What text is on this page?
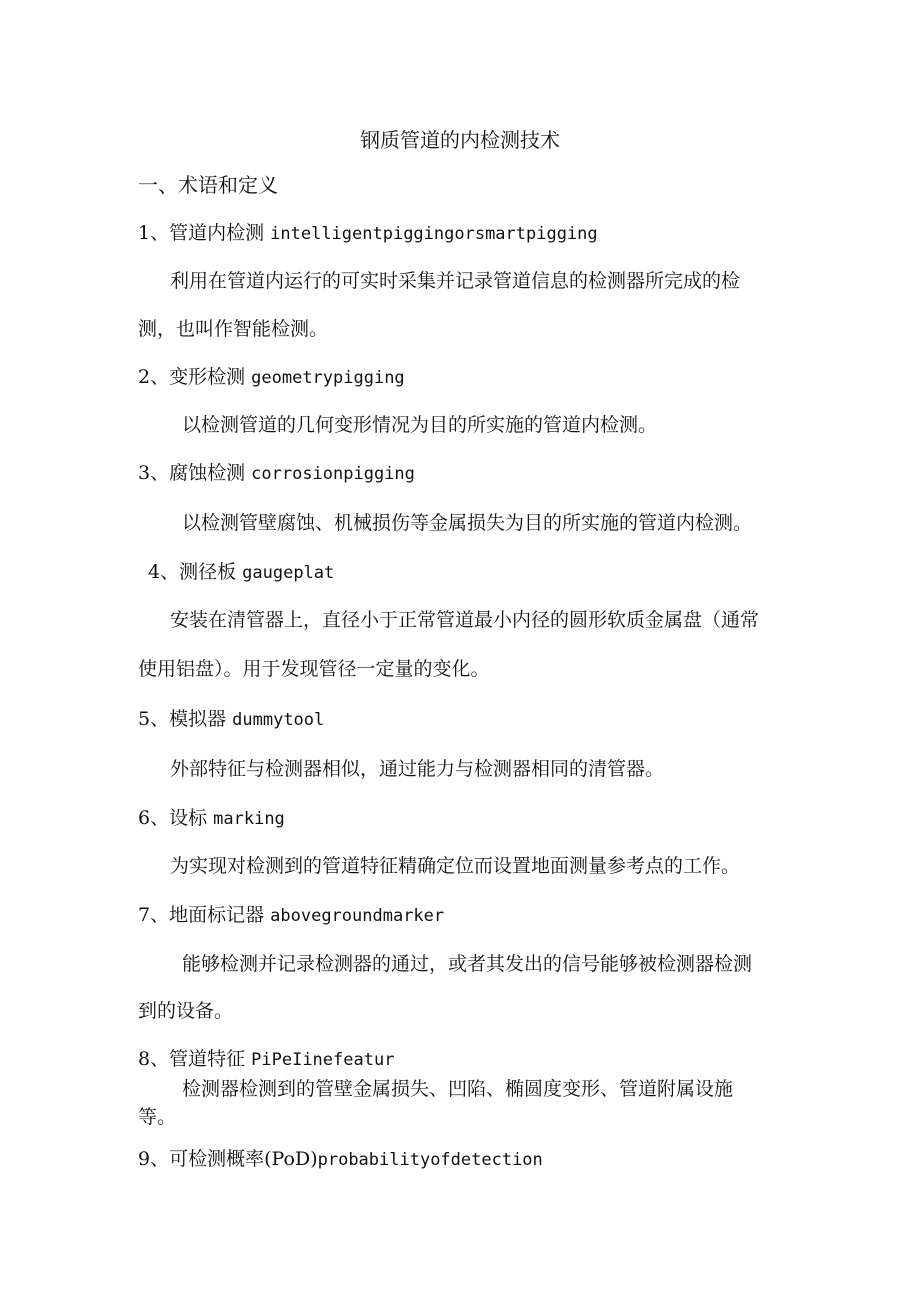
钢质管道的内检测技术
一、术语和定义
1、管道内检测 intelligentpiggingorsmartpigging
利用在管道内运行的可实时采集并记录管道信息的检测器所完成的检
测，也叫作智能检测。
2、变形检测 geometrypigging
以检测管道的几何变形情况为目的所实施的管道内检测。
3、腐蚀检测 corrosionpigging
以检测管壁腐蚀、机械损伤等金属损失为目的所实施的管道内检测。
4、测径板 gaugeplat
安装在清管器上，直径小于正常管道最小内径的圆形软质金属盘（通常
使用铝盘）。用于发现管径一定量的变化。
5、模拟器 dummytool
外部特征与检测器相似，通过能力与检测器相同的清管器。
6、设标 marking
为实现对检测到的管道特征精确定位而设置地面测量参考点的工作。
7、地面标记器 abovegroundmarker
能够检测并记录检测器的通过，或者其发出的信号能够被检测器检测
到的设备。
8、管道特征 PiPeIinefeatur
检测器检测到的管壁金属损失、凹陷、椭圆度变形、管道附属设施
等。
9、可检测概率(PoD)probabilityofdetection
